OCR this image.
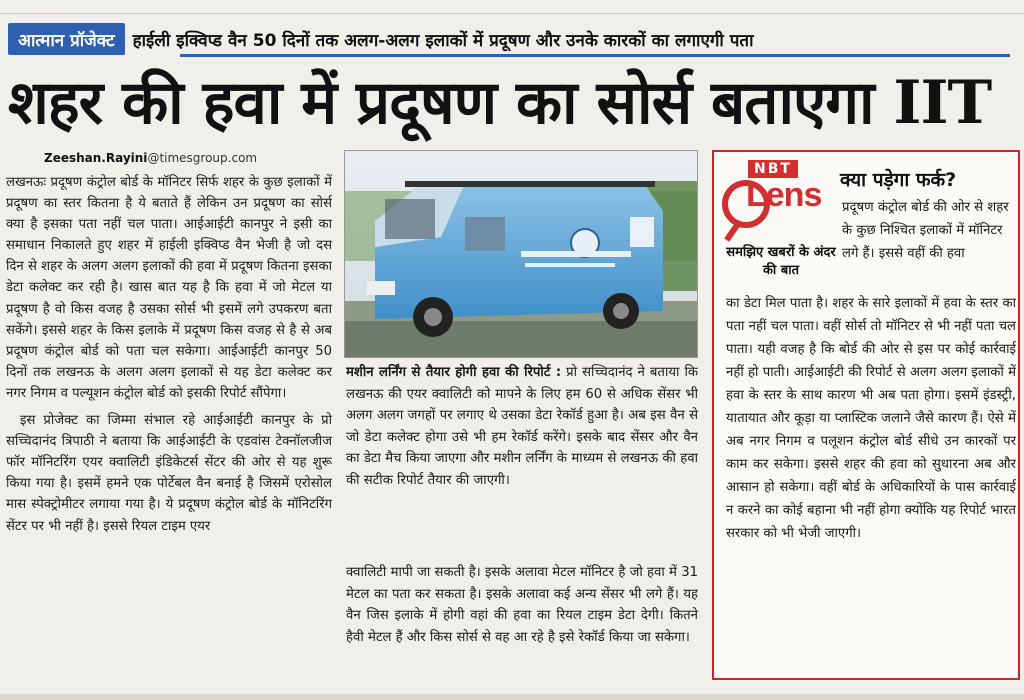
आत्मान प्रॉजेक्ट	हाईली इक्विप्ड वैन 50 दिनों तक अलग-अलग इलाकों में प्रदूषण और उनके कारकों का लगाएगी पता
शहर की हवा में प्रदूषण का सोर्स बताएगा IIT
Zeeshan.Rayini@timesgroup.com

लखनऊः प्रदूषण कंट्रोल बोर्ड के मॉनिटर सिर्फ शहर के कुछ इलाकों में प्रदूषण का स्तर कितना है ये बताते हैं लेकिन उन प्रदूषण का सोर्स क्या है इसका पता नहीं चल पाता। आईआईटी कानपुर ने इसी का समाधान निकालते हुए शहर में हाईली इक्विप्ड वैन भेजी है जो दस दिन से शहर के अलग अलग इलाकों की हवा में प्रदूषण कितना इसका डेटा कलेक्ट कर रही है। खास बात यह है कि हवा में जो मेटल या प्रदूषण है वो किस वजह है उसका सोर्स भी इसमें लगे उपकरण बता सकेंगे। इससे शहर के किस इलाके में प्रदूषण किस वजह से है से अब प्रदूषण कंट्रोल बोर्ड को पता चल सकेगा। आईआईटी कानपुर 50 दिनों तक लखनऊ के अलग अलग इलाकों से यह डेटा कलेक्ट कर नगर निगम व पल्यूशन कंट्रोल बोर्ड को इसकी रिपोर्ट सौंपेगा।

इस प्रोजेक्ट का जिम्मा संभाल रहे आईआईटी कानपुर के प्रो सच्चिदानंद त्रिपाठी ने बताया कि आईआईटी के एडवांस टेक्नॉलजीज फॉर मॉनिटरिंग एयर क्वालिटी इंडिकेटर्स सेंटर की ओर से यह शुरू किया गया है। इसमें हमने एक पोर्टेबल वैन बनाई है जिसमें एरोसोल मास स्पेक्ट्रोमीटर लगाया गया है। ये प्रदूषण कंट्रोल बोर्ड के मॉनिटरिंग सेंटर पर भी नहीं है। इससे रियल टाइम एयर

मशीन लर्निंग से तैयार होगी हवा की रिपोर्ट : प्रो सच्चिदानंद ने बताया कि लखनऊ की एयर क्वालिटी को मापने के लिए हम 60 से अधिक सेंसर भी अलग अलग जगहों पर लगाए थे उसका डेटा रेकॉर्ड हुआ है। अब इस वैन से जो डेटा कलेक्ट होगा उसे भी हम रेकॉर्ड करेंगे। इसके बाद सेंसर और वैन का डेटा मैच किया जाएगा और मशीन लर्निंग के माध्यम से लखनऊ की हवा की सटीक रिपोर्ट तैयार की जाएगी।
क्वालिटी मापी जा सकती है। इसके अलावा मेटल मॉनिटर है जो हवा में 31 मेटल का पता कर सकता है। इसके अलावा कई अन्य सेंसर भी लगे हैं। यह वैन जिस इलाके में होगी वहां की हवा का रियल टाइम डेटा देगी। कितने हैवी मेटल हैं और किस सोर्स से वह आ रहे है इसे रेकॉर्ड किया जा सकेगा।
NBT
Lens
समझिए खबरों के अंदर की बात
क्या पड़ेगा फर्क?
प्रदूषण कंट्रोल बोर्ड की ओर से शहर के कुछ निश्चित इलाकों में मॉनिटर लगे हैं। इससे वहीं की हवा
का डेटा मिल पाता है। शहर के सारे इलाकों में हवा के स्तर का पता नहीं चल पाता। वहीं सोर्स तो मॉनिटर से भी नहीं पता चल पाता। यही वजह है कि बोर्ड की ओर से इस पर कोई कार्रवाई नहीं हो पाती। आईआईटी की रिपोर्ट से अलग अलग इलाकों में हवा के स्तर के साथ कारण भी अब पता होगा। इसमें इंडस्ट्री, यातायात और कूड़ा या प्लास्टिक जलाने जैसे कारण हैं। ऐसे में अब नगर निगम व पलूशन कंट्रोल बोर्ड सीधे उन कारकों पर काम कर सकेगा। इससे शहर की हवा को सुधारना अब और आसान हो सकेगा। वहीं बोर्ड के अधिकारियों के पास कार्रवाई न करने का कोई बहाना भी नहीं होगा क्योंकि यह रिपोर्ट भारत सरकार को भी भेजी जाएगी।
